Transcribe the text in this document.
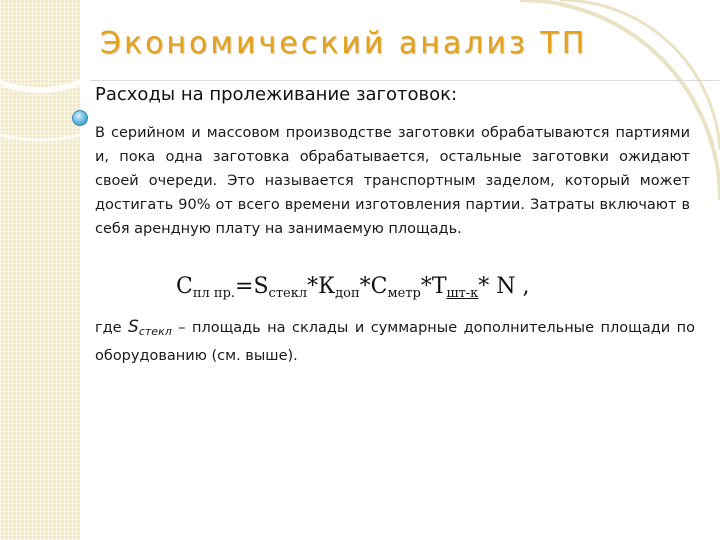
Экономический анализ ТП
Расходы на пролеживание заготовок:

В серийном и массовом производстве заготовки обрабатываются партиями и, пока одна заготовка обрабатывается, остальные заготовки ожидают своей очереди. Это называется транспортным заделом, который может достигать 90% от всего времени изготовления партии. Затраты включают в себя арендную плату на занимаемую площадь.

$С_{пл пр.}=S_{стекл}*К_{доп}*С_{метр}*Т_{шт-к}*$ N ,

где $S_{стекл}$ – площадь на склады и суммарные дополнительные площади по оборудованию (см. выше).
